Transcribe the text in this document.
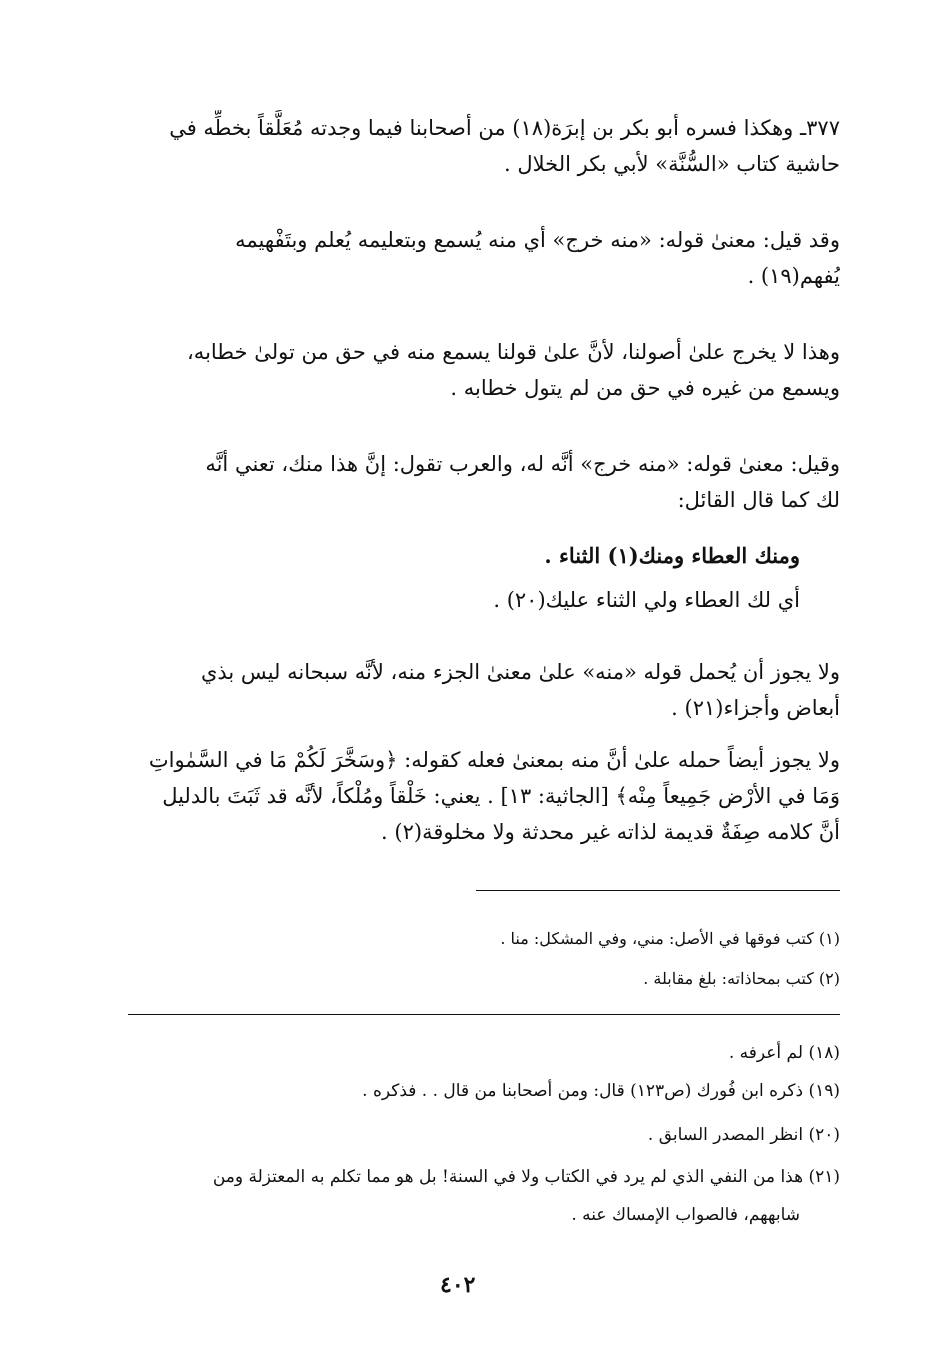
٣٧٧ـ وهكذا فسره أبو بكر بن إبرَة(١٨) من أصحابنا فيما وجدته مُعَلَّقاً بخطِّه في
حاشية كتاب «السُّنَّة» لأبي بكر الخلال .
وقد قيل: معنىٰ قوله: «منه خرج» أي منه يُسمع وبتعليمه يُعلم وبتَفْهيمه
يُفهم(١٩) .
وهذا لا يخرج علىٰ أصولنا، لأنَّ علىٰ قولنا يسمع منه في حق من تولىٰ خطابه،
ويسمع من غيره في حق من لم يتول خطابه .
وقيل: معنىٰ قوله: «منه خرج» أنَّه له، والعرب تقول: إنَّ هذا منك، تعني أنَّه
لك كما قال القائل:
ومنك العطاء ومنك(١) الثناء .
أي لك العطاء ولي الثناء عليك(٢٠) .
ولا يجوز أن يُحمل قوله «منه» علىٰ معنىٰ الجزء منه، لأنَّه سبحانه ليس بذي
أبعاض وأجزاء(٢١) .
ولا يجوز أيضاً حمله علىٰ أنَّ منه بمعنىٰ فعله كقوله: ﴿وسَخَّرَ لَكُمْ مَا في السَّمٰواتِ
وَمَا في الأرْض جَمِيعاً مِنْه﴾ [الجاثية: ١٣] . يعني: خَلْقاً ومُلْكاً، لأنَّه قد ثَبَتَ بالدليل
أنَّ كلامه صِفَةٌ قديمة لذاته غير محدثة ولا مخلوقة(٢) .
(١) كتب فوقها في الأصل: مني، وفي المشكل: منا .
(٢) كتب بمحاذاته: بلغ مقابلة .
(١٨) لم أعرفه .
(١٩) ذكره ابن فُورك (ص١٢٣) قال: ومن أصحابنا من قال . . فذكره .
(٢٠) انظر المصدر السابق .
(٢١) هذا من النفي الذي لم يرد في الكتاب ولا في السنة! بل هو مما تكلم به المعتزلة ومن
شابههم، فالصواب الإمساك عنه .
٤٠٢
